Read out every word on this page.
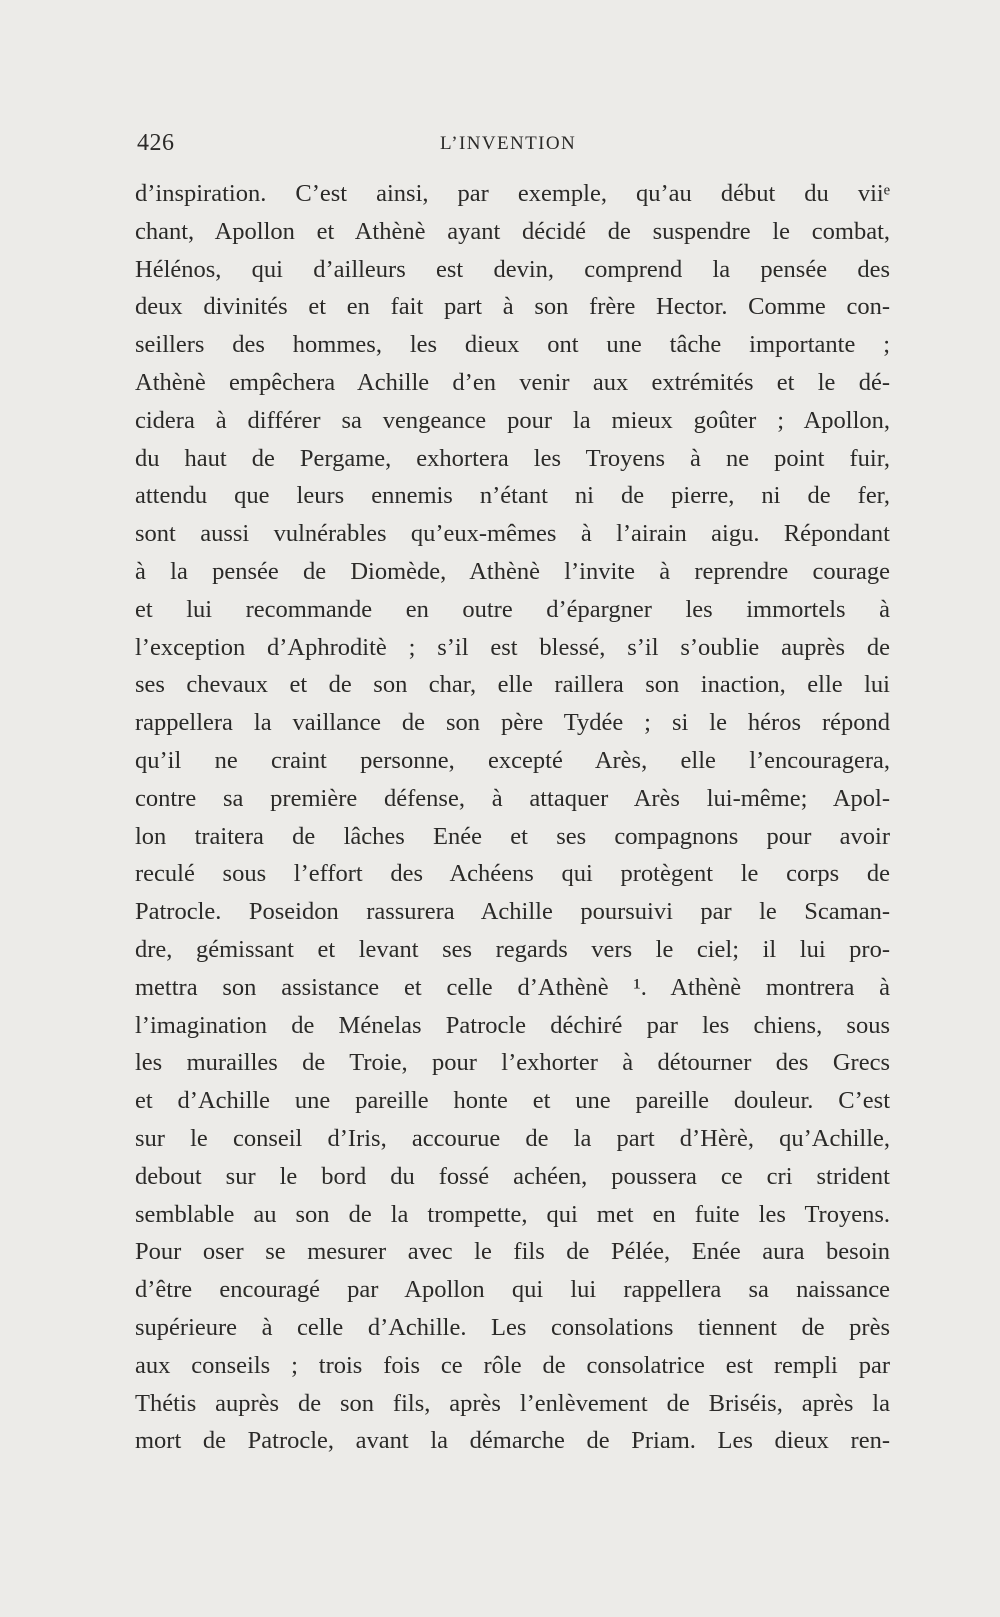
426	L’INVENTION
d’inspiration. C’est ainsi, par exemple, qu’au début du viiᵉ
chant, Apollon et Athènè ayant décidé de suspendre le combat,
Hélénos, qui d’ailleurs est devin, comprend la pensée des
deux divinités et en fait part à son frère Hector. Comme con-
seillers des hommes, les dieux ont une tâche importante ;
Athènè empêchera Achille d’en venir aux extrémités et le dé-
cidera à différer sa vengeance pour la mieux goûter ; Apollon,
du haut de Pergame, exhortera les Troyens à ne point fuir,
attendu que leurs ennemis n’étant ni de pierre, ni de fer,
sont aussi vulnérables qu’eux-mêmes à l’airain aigu. Répondant
à la pensée de Diomède, Athènè l’invite à reprendre courage
et lui recommande en outre d’épargner les immortels à
l’exception d’Aphroditè ; s’il est blessé, s’il s’oublie auprès de
ses chevaux et de son char, elle raillera son inaction, elle lui
rappellera la vaillance de son père Tydée ; si le héros répond
qu’il ne craint personne, excepté Arès, elle l’encouragera,
contre sa première défense, à attaquer Arès lui-même; Apol-
lon traitera de lâches Enée et ses compagnons pour avoir
reculé sous l’effort des Achéens qui protègent le corps de
Patrocle. Poseidon rassurera Achille poursuivi par le Scaman-
dre, gémissant et levant ses regards vers le ciel; il lui pro-
mettra son assistance et celle d’Athènè ¹. Athènè montrera à
l’imagination de Ménelas Patrocle déchiré par les chiens, sous
les murailles de Troie, pour l’exhorter à détourner des Grecs
et d’Achille une pareille honte et une pareille douleur. C’est
sur le conseil d’Iris, accourue de la part d’Hèrè, qu’Achille,
debout sur le bord du fossé achéen, poussera ce cri strident
semblable au son de la trompette, qui met en fuite les Troyens.
Pour oser se mesurer avec le fils de Pélée, Enée aura besoin
d’être encouragé par Apollon qui lui rappellera sa naissance
supérieure à celle d’Achille. Les consolations tiennent de près
aux conseils ; trois fois ce rôle de consolatrice est rempli par
Thétis auprès de son fils, après l’enlèvement de Briséis, après la
mort de Patrocle, avant la démarche de Priam. Les dieux ren-
